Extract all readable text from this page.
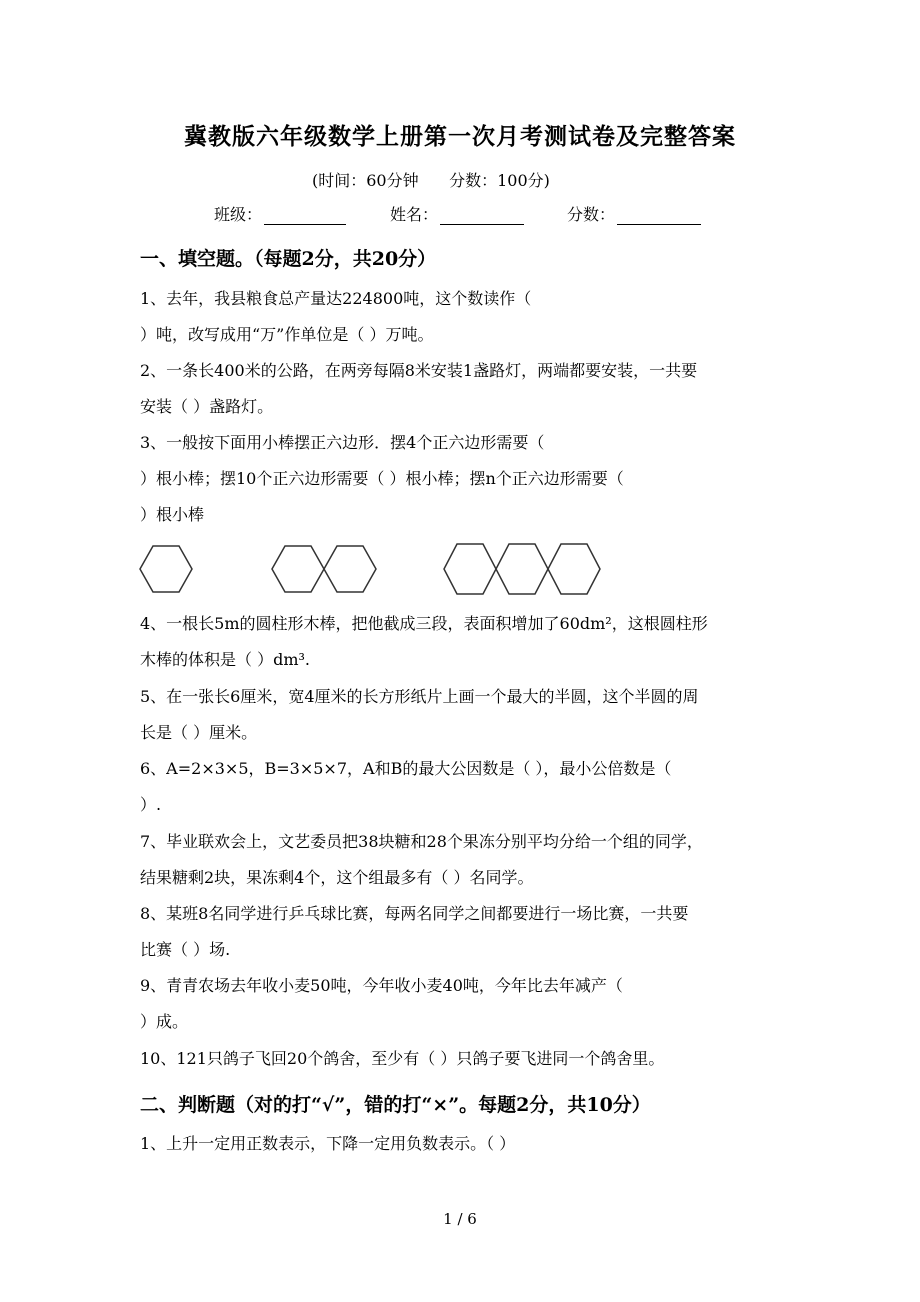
冀教版六年级数学上册第一次月考测试卷及完整答案
(时间：60分钟      分数：100分)
班级：	姓名：	分数：
一、填空题。（每题2分，共20分）
1、去年，我县粮食总产量达224800吨，这个数读作（
）吨，改写成用“万”作单位是（ ）万吨。
2、一条长400米的公路，在两旁每隔8米安装1盏路灯，两端都要安装，一共要
安装（ ）盏路灯。
3、一般按下面用小棒摆正六边形．摆4个正六边形需要（
）根小棒；摆10个正六边形需要（ ）根小棒；摆n个正六边形需要（
）根小棒
4、一根长5m的圆柱形木棒，把他截成三段，表面积增加了60dm²，这根圆柱形
木棒的体积是（ ）dm³.
5、在一张长6厘米，宽4厘米的长方形纸片上画一个最大的半圆，这个半圆的周
长是（ ）厘米。
6、A=2×3×5，B=3×5×7，A和B的最大公因数是（ ），最小公倍数是（
）.
7、毕业联欢会上，文艺委员把38块糖和28个果冻分别平均分给一个组的同学，
结果糖剩2块，果冻剩4个，这个组最多有（ ）名同学。
8、某班8名同学进行乒乓球比赛，每两名同学之间都要进行一场比赛，一共要
比赛（ ）场.
9、青青农场去年收小麦50吨，今年收小麦40吨，今年比去年减产（
）成。
10、121只鸽子飞回20个鸽舍，至少有（ ）只鸽子要飞进同一个鸽舍里。
二、判断题（对的打“√”，错的打“×”。每题2分，共10分）
1、上升一定用正数表示，下降一定用负数表示。（ ）
1 / 6
